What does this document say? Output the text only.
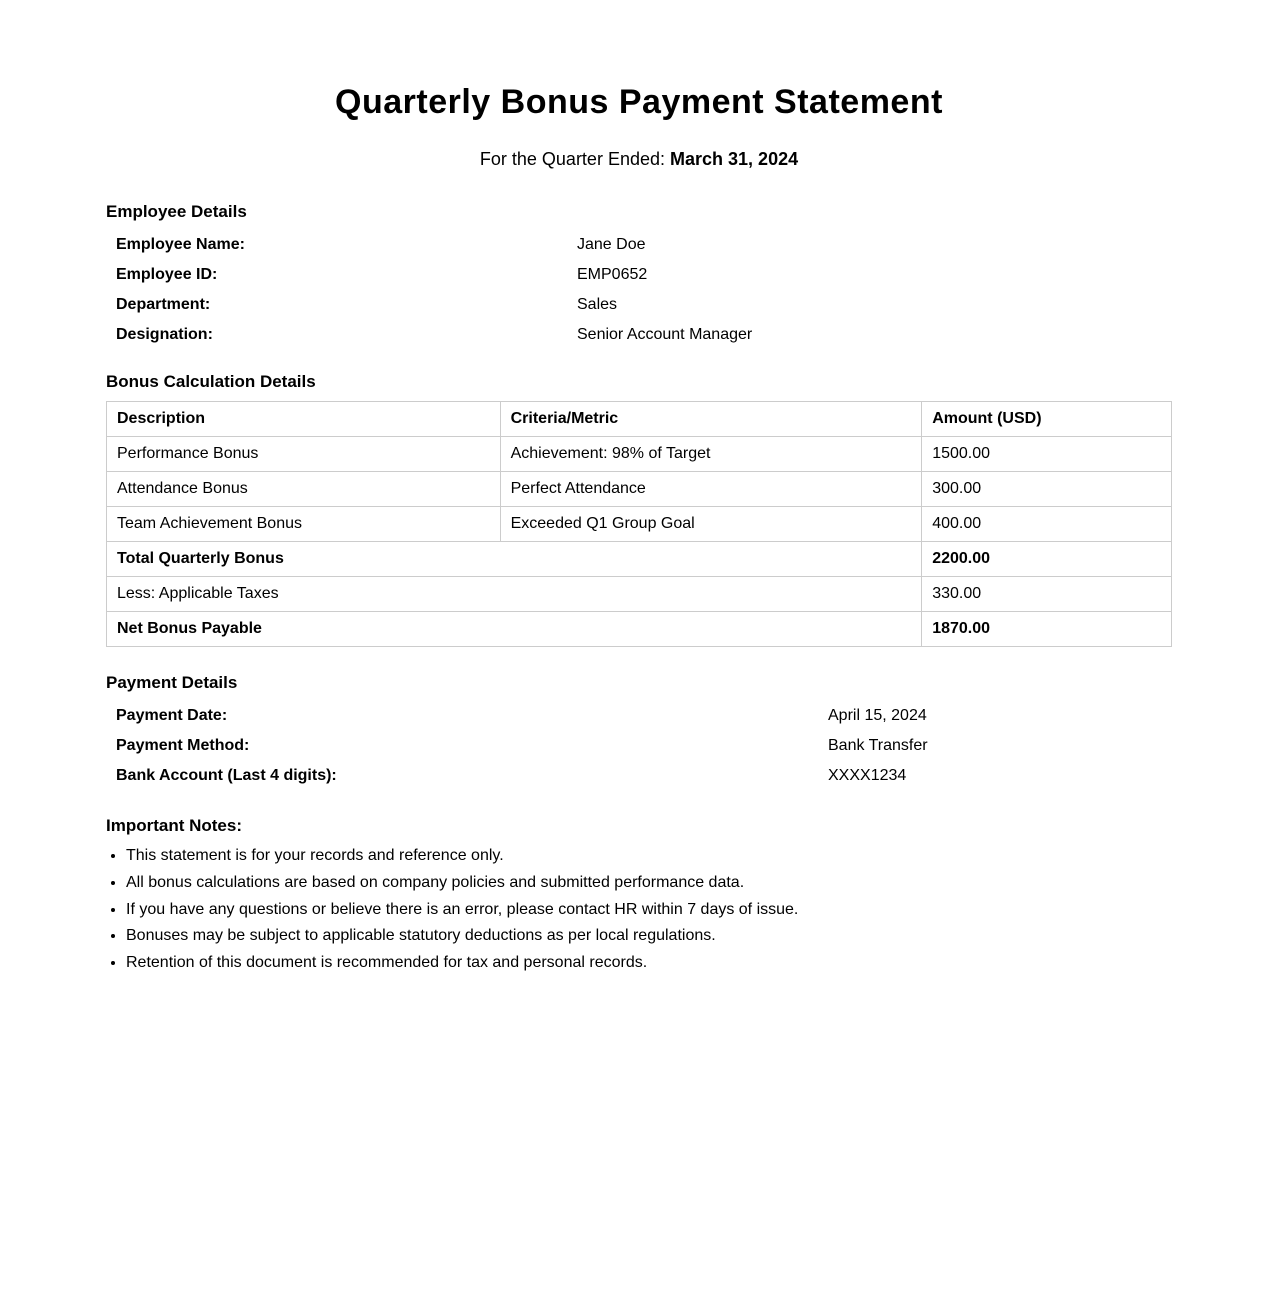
Quarterly Bonus Payment Statement
For the Quarter Ended: March 31, 2024
Employee Details
Employee Name:	Jane Doe
Employee ID:	EMP0652
Department:	Sales
Designation:	Senior Account Manager
Bonus Calculation Details
Description	Criteria/Metric	Amount (USD)
Performance Bonus	Achievement: 98% of Target	1500.00
Attendance Bonus	Perfect Attendance	300.00
Team Achievement Bonus	Exceeded Q1 Group Goal	400.00
Total Quarterly Bonus		2200.00
Less: Applicable Taxes		330.00
Net Bonus Payable		1870.00
Payment Details
Payment Date:	April 15, 2024
Payment Method:	Bank Transfer
Bank Account (Last 4 digits):	XXXX1234
Important Notes:
• This statement is for your records and reference only.
• All bonus calculations are based on company policies and submitted performance data.
• If you have any questions or believe there is an error, please contact HR within 7 days of issue.
• Bonuses may be subject to applicable statutory deductions as per local regulations.
• Retention of this document is recommended for tax and personal records.
